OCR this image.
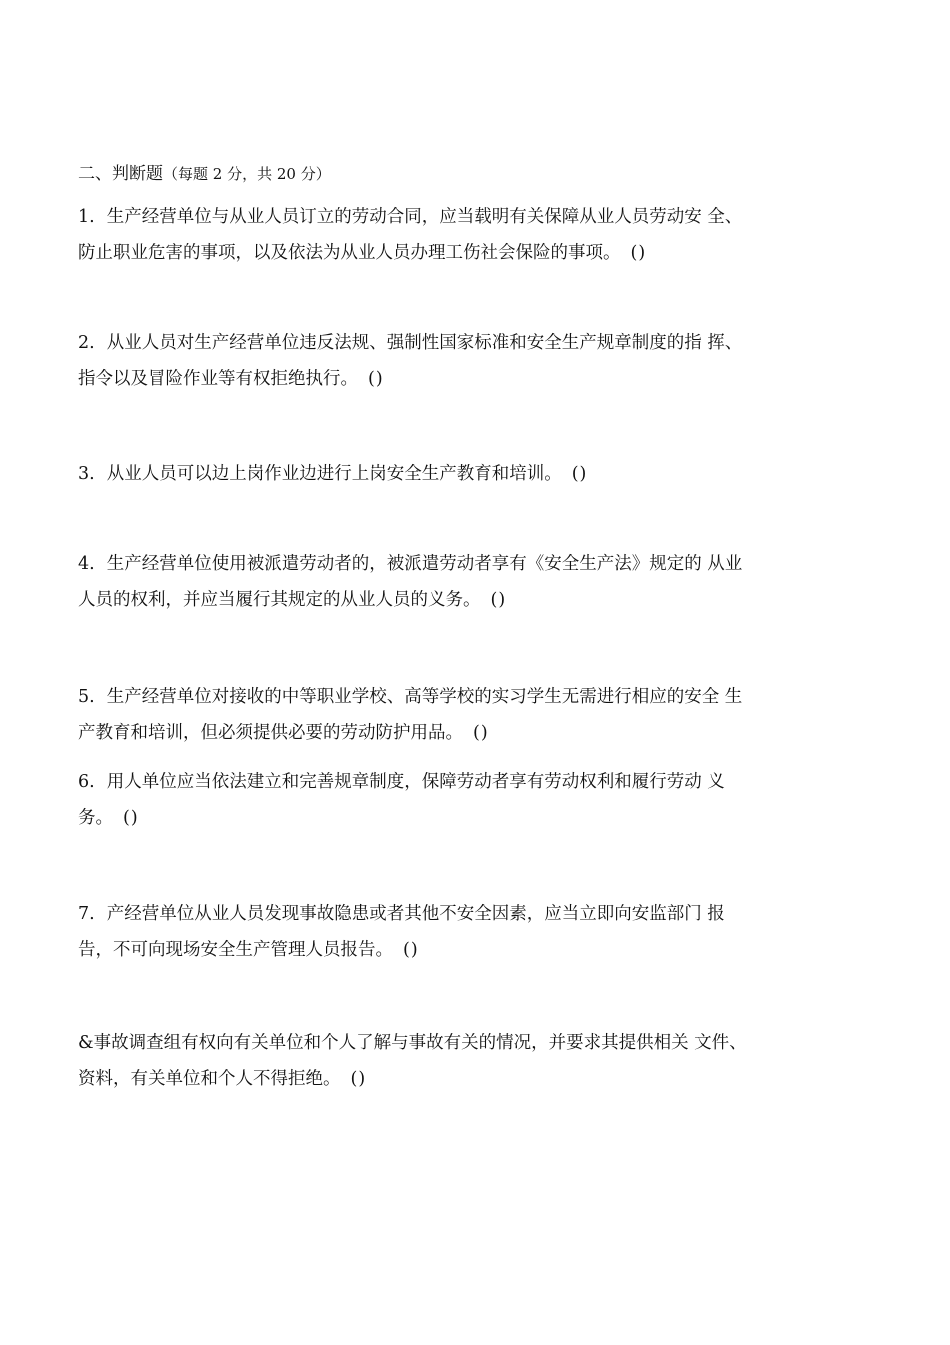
二、判断题（每题 2 分，共 20 分）
1. 生产经营单位与从业人员订立的劳动合同，应当载明有关保障从业人员劳动安 全、
防止职业危害的事项，以及依法为从业人员办理工伤社会保险的事项。 ()
2. 从业人员对生产经营单位违反法规、强制性国家标准和安全生产规章制度的指 挥、
指令以及冒险作业等有权拒绝执行。 ()
3. 从业人员可以边上岗作业边进行上岗安全生产教育和培训。 ()
4. 生产经营单位使用被派遣劳动者的，被派遣劳动者享有《安全生产法》规定的 从业
人员的权利，并应当履行其规定的从业人员的义务。 ()
5. 生产经营单位对接收的中等职业学校、高等学校的实习学生无需进行相应的安全 生
产教育和培训，但必须提供必要的劳动防护用品。 ()
6. 用人单位应当依法建立和完善规章制度，保障劳动者享有劳动权利和履行劳动 义
务。 ()
7. 产经营单位从业人员发现事故隐患或者其他不安全因素，应当立即向安监部门 报
告，不可向现场安全生产管理人员报告。 ()
&事故调查组有权向有关单位和个人了解与事故有关的情况，并要求其提供相关 文件、
资料，有关单位和个人不得拒绝。 ()
